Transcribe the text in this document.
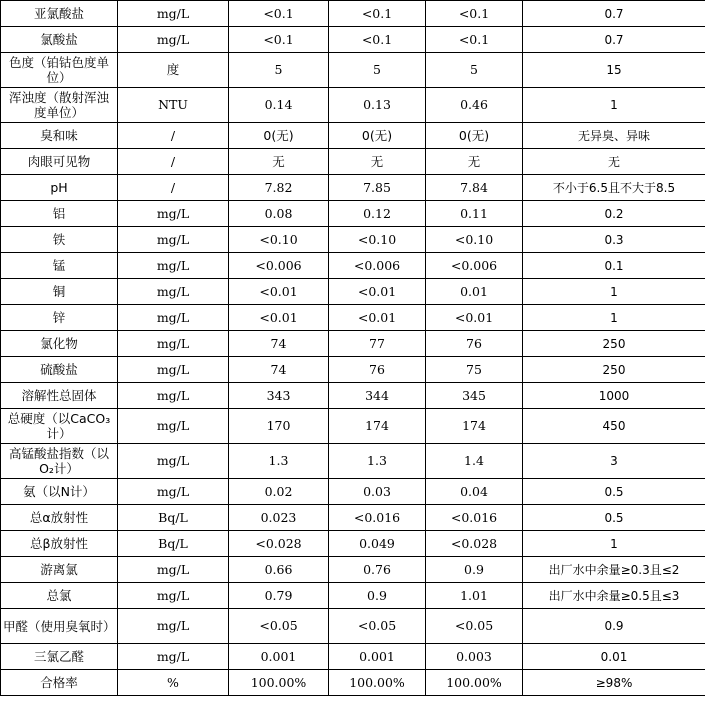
亚氯酸盐	mg/L	<0.1	<0.1	<0.1	0.7
氯酸盐	mg/L	<0.1	<0.1	<0.1	0.7
色度（铂钴色度单位）	度	5	5	5	15
浑浊度（散射浑浊度单位）	NTU	0.14	0.13	0.46	1
臭和味	/	0(无)	0(无)	0(无)	无异臭、异味
肉眼可见物	/	无	无	无	无
pH	/	7.82	7.85	7.84	不小于6.5且不大于8.5
铝	mg/L	0.08	0.12	0.11	0.2
铁	mg/L	<0.10	<0.10	<0.10	0.3
锰	mg/L	<0.006	<0.006	<0.006	0.1
铜	mg/L	<0.01	<0.01	0.01	1
锌	mg/L	<0.01	<0.01	<0.01	1
氯化物	mg/L	74	77	76	250
硫酸盐	mg/L	74	76	75	250
溶解性总固体	mg/L	343	344	345	1000
总硬度（以CaCO₃计）	mg/L	170	174	174	450
高锰酸盐指数（以O₂计）	mg/L	1.3	1.3	1.4	3
氨（以N计）	mg/L	0.02	0.03	0.04	0.5
总α放射性	Bq/L	0.023	<0.016	<0.016	0.5
总β放射性	Bq/L	<0.028	0.049	<0.028	1
游离氯	mg/L	0.66	0.76	0.9	出厂水中余量≥0.3且≤2
总氯	mg/L	0.79	0.9	1.01	出厂水中余量≥0.5且≤3
甲醛（使用臭氧时）	mg/L	<0.05	<0.05	<0.05	0.9
三氯乙醛	mg/L	0.001	0.001	0.003	0.01
合格率	%	100.00%	100.00%	100.00%	≥98%
